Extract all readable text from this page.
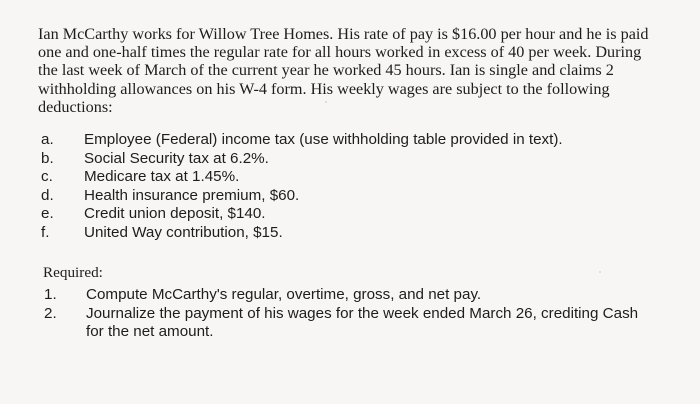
Ian McCarthy works for Willow Tree Homes. His rate of pay is $16.00 per hour and he is paid one and one-half times the regular rate for all hours worked in excess of 40 per week. During the last week of March of the current year he worked 45 hours. Ian is single and claims 2 withholding allowances on his W-4 form. His weekly wages are subject to the following deductions:

a.	Employee (Federal) income tax (use withholding table provided in text).
b.	Social Security tax at 6.2%.
c.	Medicare tax at 1.45%.
d.	Health insurance premium, $60.
e.	Credit union deposit, $140.
f.	United Way contribution, $15.
Required:
1.	Compute McCarthy's regular, overtime, gross, and net pay.
2.	Journalize the payment of his wages for the week ended March 26, crediting Cash for the net amount.
